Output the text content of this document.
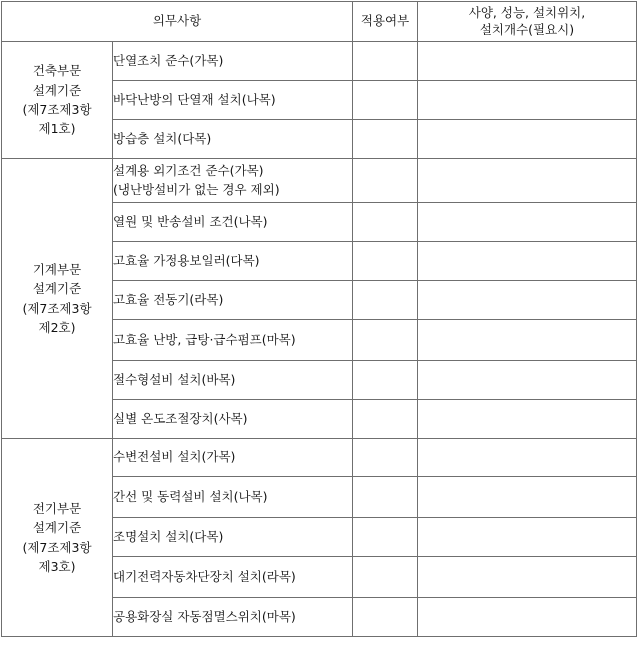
의무사항		적용여부	사양, 성능, 설치위치,
설치개수(필요시)
건축부문
설계기준
(제7조제3항
제1호)	단열조치 준수(가목)		
	바닥난방의 단열재 설치(나목)		
	방습층 설치(다목)		
기계부문
설계기준
(제7조제3항
제2호)	설계용 외기조건 준수(가목)
(냉난방설비가 없는 경우 제외)		
	열원 및 반송설비 조건(나목)		
	고효율 가정용보일러(다목)		
	고효율 전동기(라목)		
	고효율 난방, 급탕·급수펌프(마목)		
	절수형설비 설치(바목)		
	실별 온도조절장치(사목)		
전기부문
설계기준
(제7조제3항
제3호)	수변전설비 설치(가목)		
	간선 및 동력설비 설치(나목)		
	조명설치 설치(다목)		
	대기전력자동차단장치 설치(라목)		
	공용화장실 자동점멸스위치(마목)		
